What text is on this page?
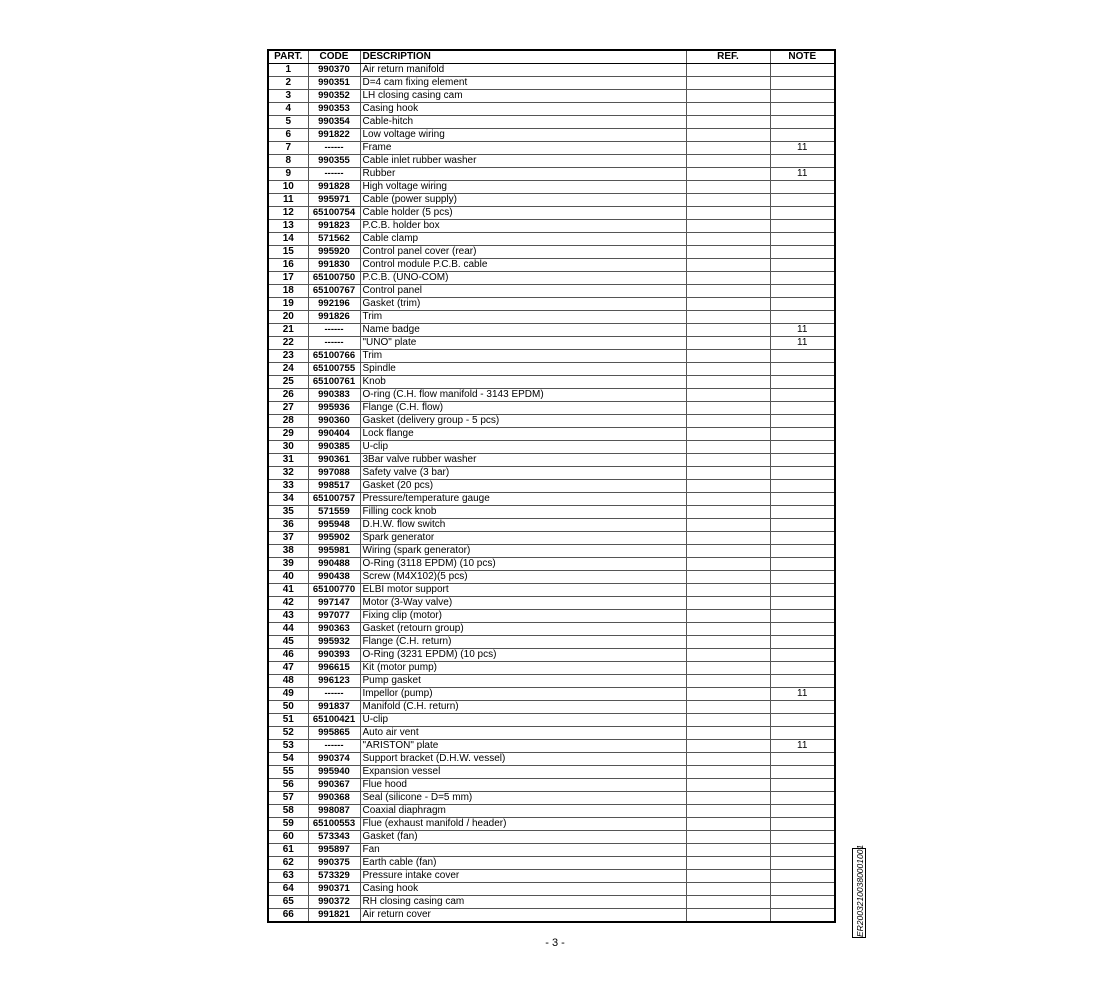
PART.	CODE	DESCRIPTION	REF.	NOTE
1	990370	Air return manifold		
2	990351	D=4 cam fixing element		
3	990352	LH closing casing cam		
4	990353	Casing hook		
5	990354	Cable-hitch		
6	991822	Low voltage wiring		
7	------	Frame		11
8	990355	Cable inlet rubber washer		
9	------	Rubber		11
10	991828	High voltage wiring		
11	995971	Cable (power supply)		
12	65100754	Cable holder (5 pcs)		
13	991823	P.C.B. holder box		
14	571562	Cable clamp		
15	995920	Control panel cover (rear)		
16	991830	Control module P.C.B. cable		
17	65100750	P.C.B. (UNO-COM)		
18	65100767	Control panel		
19	992196	Gasket (trim)		
20	991826	Trim		
21	------	Name badge		11
22	------	"UNO" plate		11
23	65100766	Trim		
24	65100755	Spindle		
25	65100761	Knob		
26	990383	O-ring (C.H. flow manifold - 3143 EPDM)		
27	995936	Flange (C.H. flow)		
28	990360	Gasket (delivery group - 5 pcs)		
29	990404	Lock flange		
30	990385	U-clip		
31	990361	3Bar valve rubber washer		
32	997088	Safety valve (3 bar)		
33	998517	Gasket (20 pcs)		
34	65100757	Pressure/temperature gauge		
35	571559	Filling cock knob		
36	995948	D.H.W. flow switch		
37	995902	Spark generator		
38	995981	Wiring (spark generator)		
39	990488	O-Ring (3118 EPDM) (10 pcs)		
40	990438	Screw (M4X102)(5 pcs)		
41	65100770	ELBI motor support		
42	997147	Motor (3-Way valve)		
43	997077	Fixing clip (motor)		
44	990363	Gasket (retourn group)		
45	995932	Flange (C.H. return)		
46	990393	O-Ring (3231 EPDM) (10 pcs)		
47	996615	Kit (motor pump)		
48	996123	Pump gasket		
49	------	Impellor (pump)		11
50	991837	Manifold (C.H. return)		
51	65100421	U-clip		
52	995865	Auto air vent		
53	------	"ARISTON" plate		11
54	990374	Support bracket (D.H.W. vessel)		
55	995940	Expansion vessel		
56	990367	Flue hood		
57	990368	Seal (silicone - D=5 mm)		
58	998087	Coaxial diaphragm		
59	65100553	Flue (exhaust manifold / header)		
60	573343	Gasket (fan)		
61	995897	Fan		
62	990375	Earth cable (fan)		
63	573329	Pressure intake cover		
64	990371	Casing hook		
65	990372	RH closing casing cam		
66	991821	Air return cover		
- 3 -
ER20032100380001001
